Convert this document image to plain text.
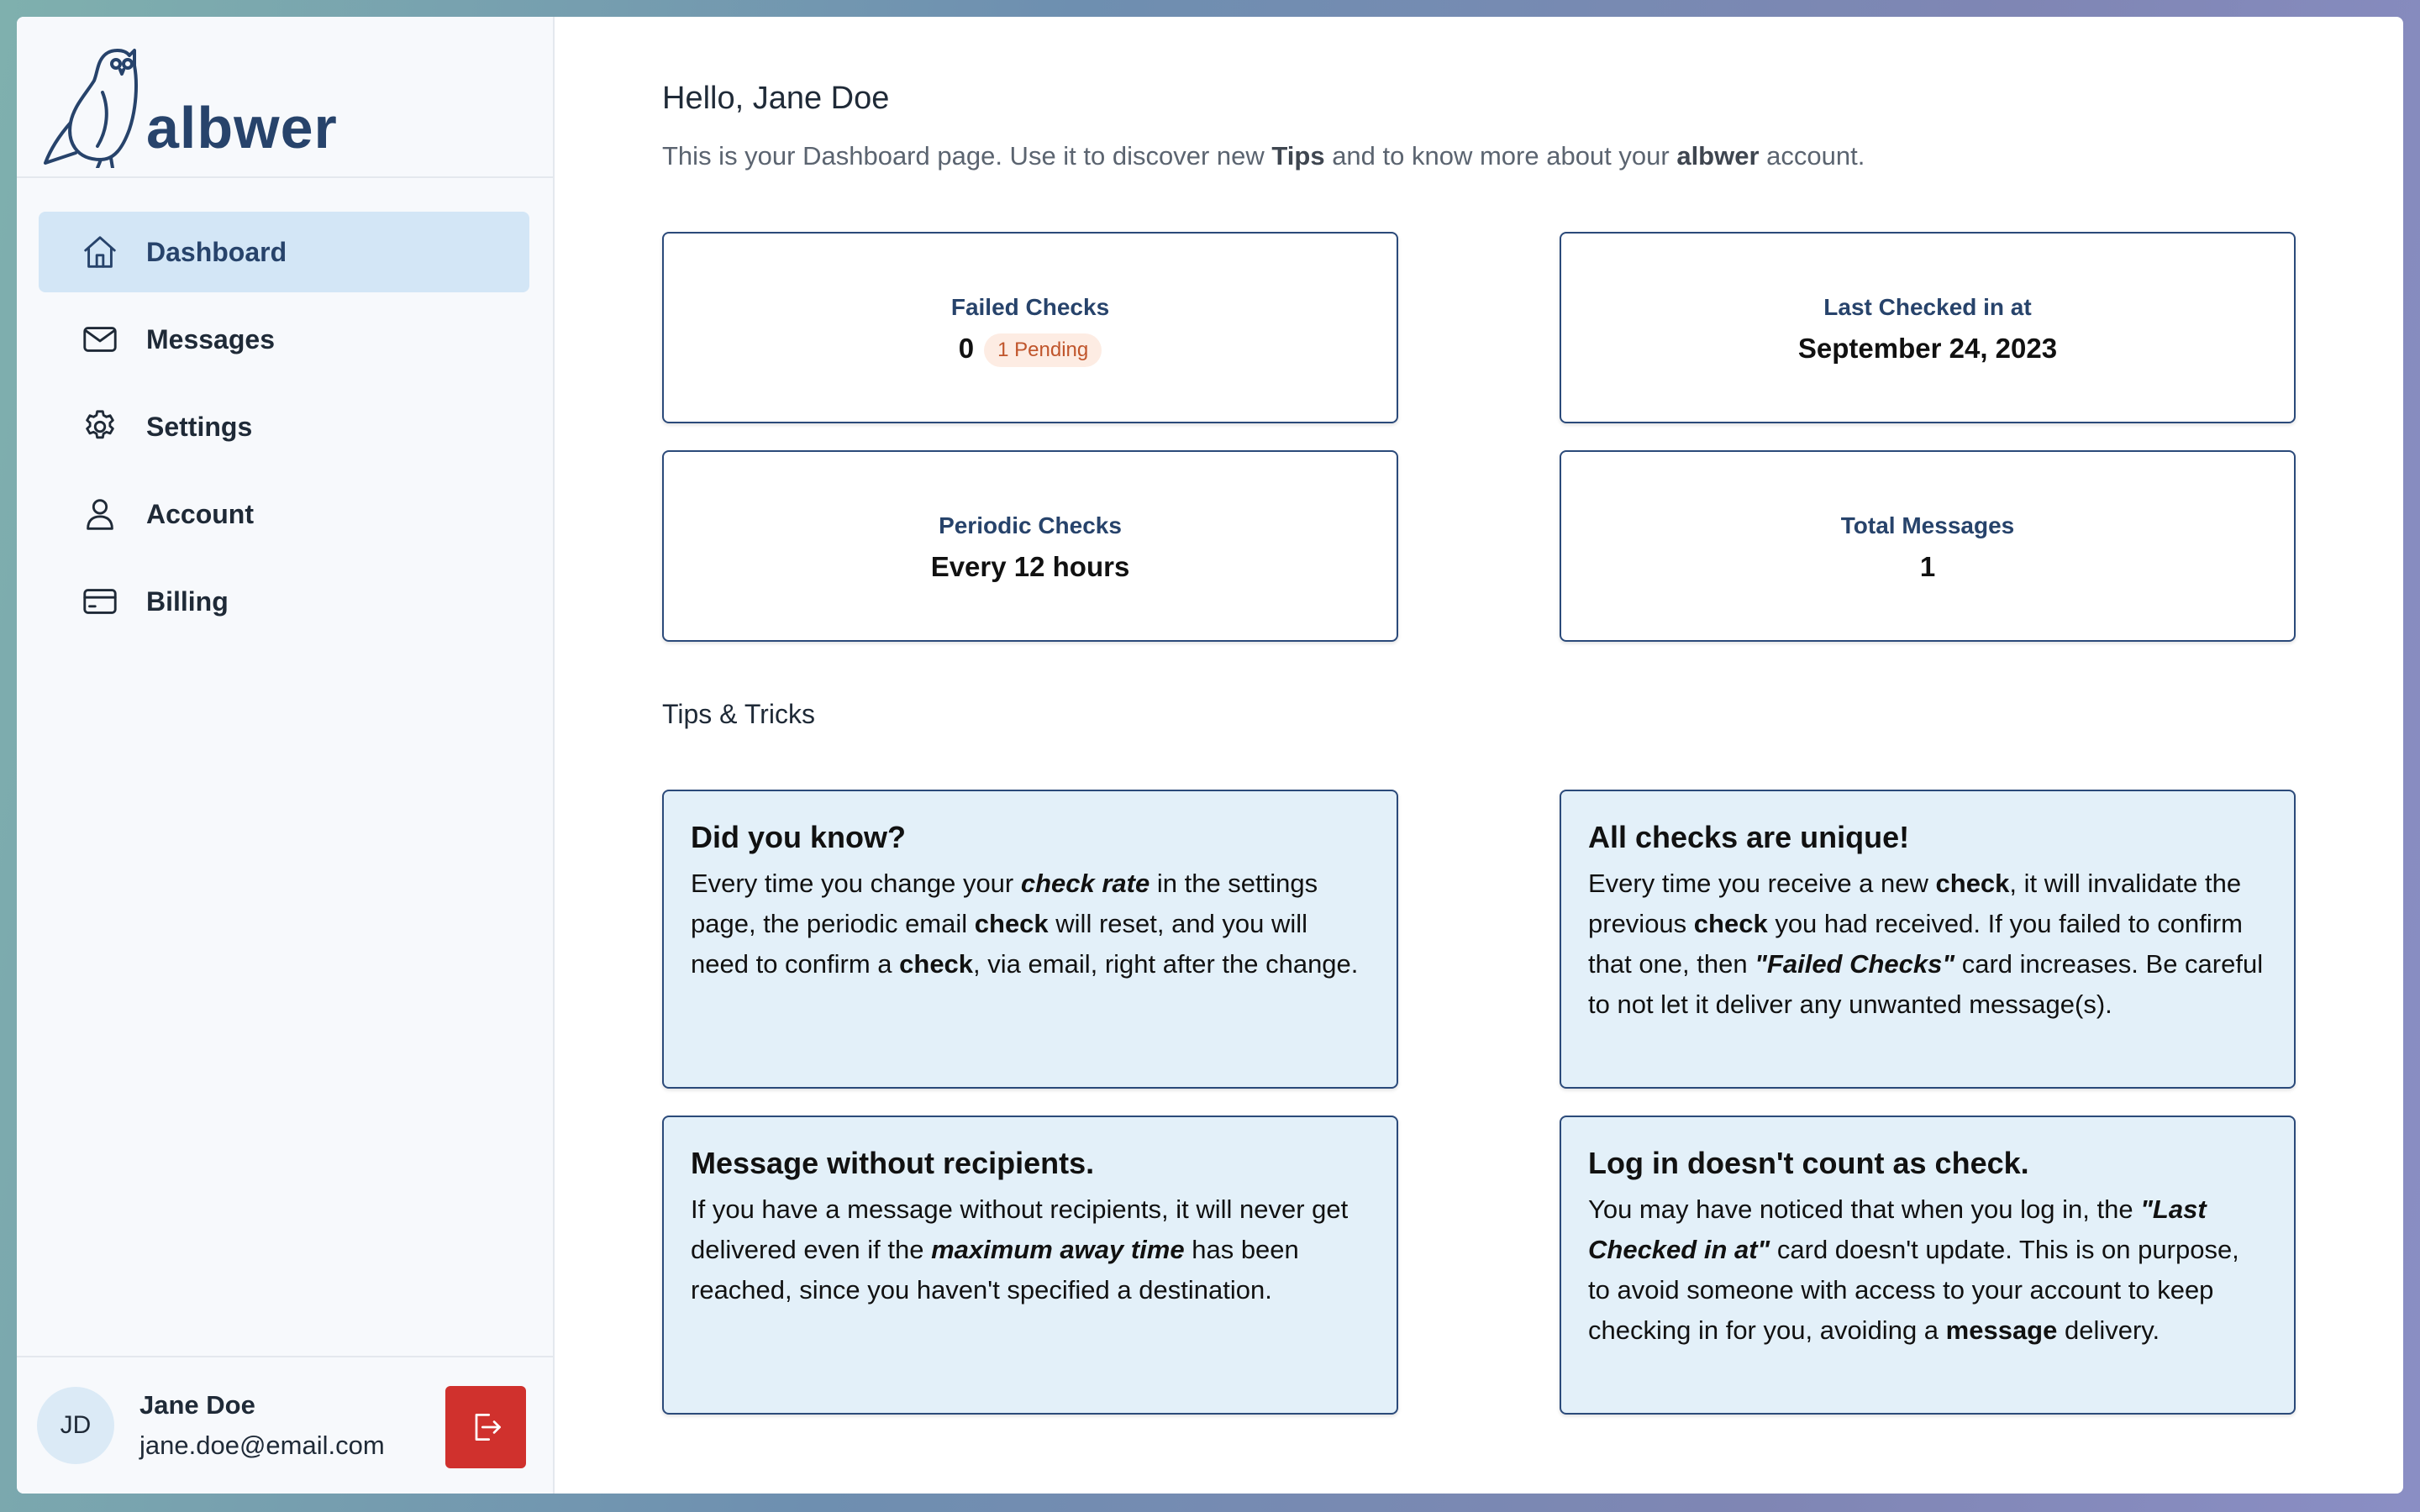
albwer
Dashboard
Messages
Settings
Account
Billing
JD
Jane Doe
jane.doe@email.com
Hello, Jane Doe

This is your Dashboard page. Use it to discover new Tips and to know more about your albwer account.

Failed Checks
0 1 Pending
Last Checked in at
September 24, 2023
Periodic Checks
Every 12 hours
Total Messages
1
Tips & Tricks
Did you know?
Every time you change your check rate in the settings page, the periodic email check will reset, and you will need to confirm a check, via email, right after the change.
All checks are unique!
Every time you receive a new check, it will invalidate the previous check you had received. If you failed to confirm that one, then "Failed Checks" card increases. Be careful to not let it deliver any unwanted message(s).
Message without recipients.
If you have a message without recipients, it will never get delivered even if the maximum away time has been reached, since you haven't specified a destination.
Log in doesn't count as check.
You may have noticed that when you log in, the "Last Checked in at" card doesn't update. This is on purpose, to avoid someone with access to your account to keep checking in for you, avoiding a message delivery.
